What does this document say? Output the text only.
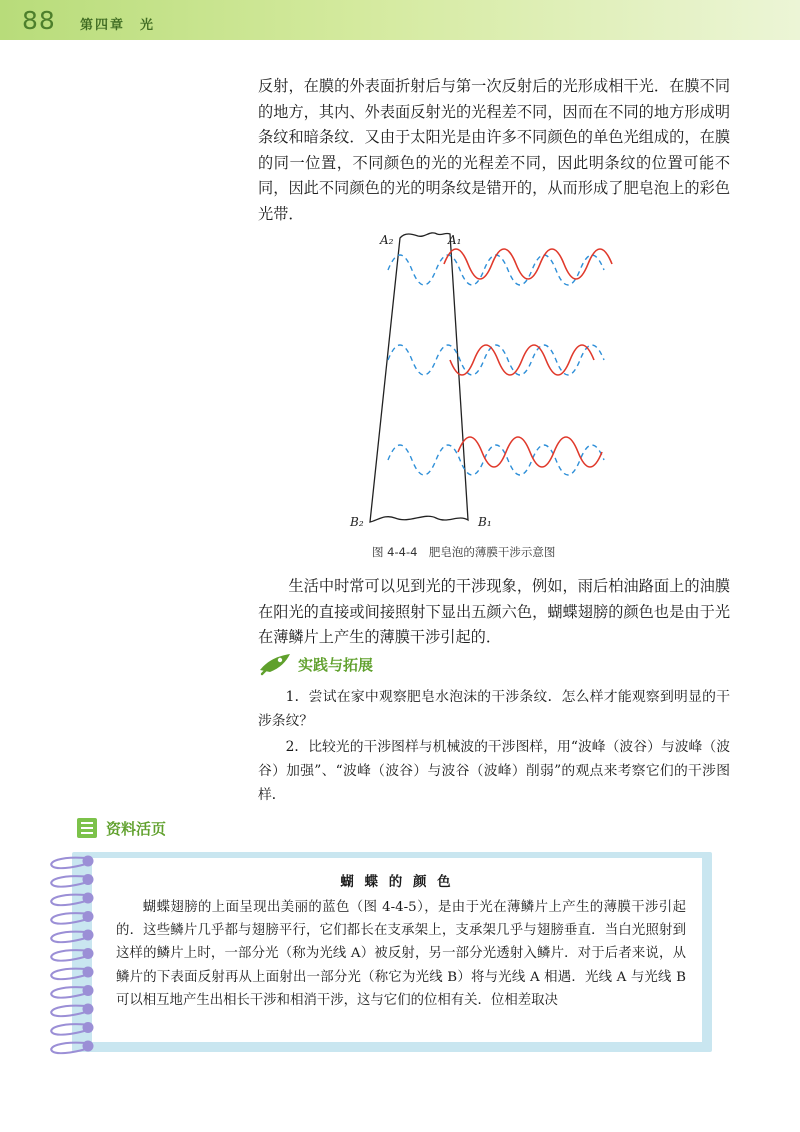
88 第四章　光
反射，在膜的外表面折射后与第一次反射后的光形成相干光．在膜不同的地方，其内、外表面反射光的光程差不同，因而在不同的地方形成明条纹和暗条纹．又由于太阳光是由许多不同颜色的单色光组成的，在膜的同一位置，不同颜色的光的光程差不同，因此明条纹的位置可能不同，因此不同颜色的光的明条纹是错开的，从而形成了肥皂泡上的彩色光带．
A₂	A₁
B₂	B₁
图 4-4-4　肥皂泡的薄膜干涉示意图
生活中时常可以见到光的干涉现象，例如，雨后柏油路面上的油膜在阳光的直接或间接照射下显出五颜六色，蝴蝶翅膀的颜色也是由于光在薄鳞片上产生的薄膜干涉引起的．
实践与拓展
1．尝试在家中观察肥皂水泡沫的干涉条纹．怎么样才能观察到明显的干涉条纹？
2．比较光的干涉图样与机械波的干涉图样，用“波峰（波谷）与波峰（波谷）加强”、“波峰（波谷）与波谷（波峰）削弱”的观点来考察它们的干涉图样．
资料活页
蝴 蝶 的 颜 色
蝴蝶翅膀的上面呈现出美丽的蓝色（图 4-4-5），是由于光在薄鳞片上产生的薄膜干涉引起的．这些鳞片几乎都与翅膀平行，它们都长在支承架上，支承架几乎与翅膀垂直．当白光照射到这样的鳞片上时，一部分光（称为光线 A）被反射，另一部分光透射入鳞片．对于后者来说，从鳞片的下表面反射再从上面射出一部分光（称它为光线 B）将与光线 A 相遇．光线 A 与光线 B 可以相互地产生出相长干涉和相消干涉，这与它们的位相有关．位相差取决
